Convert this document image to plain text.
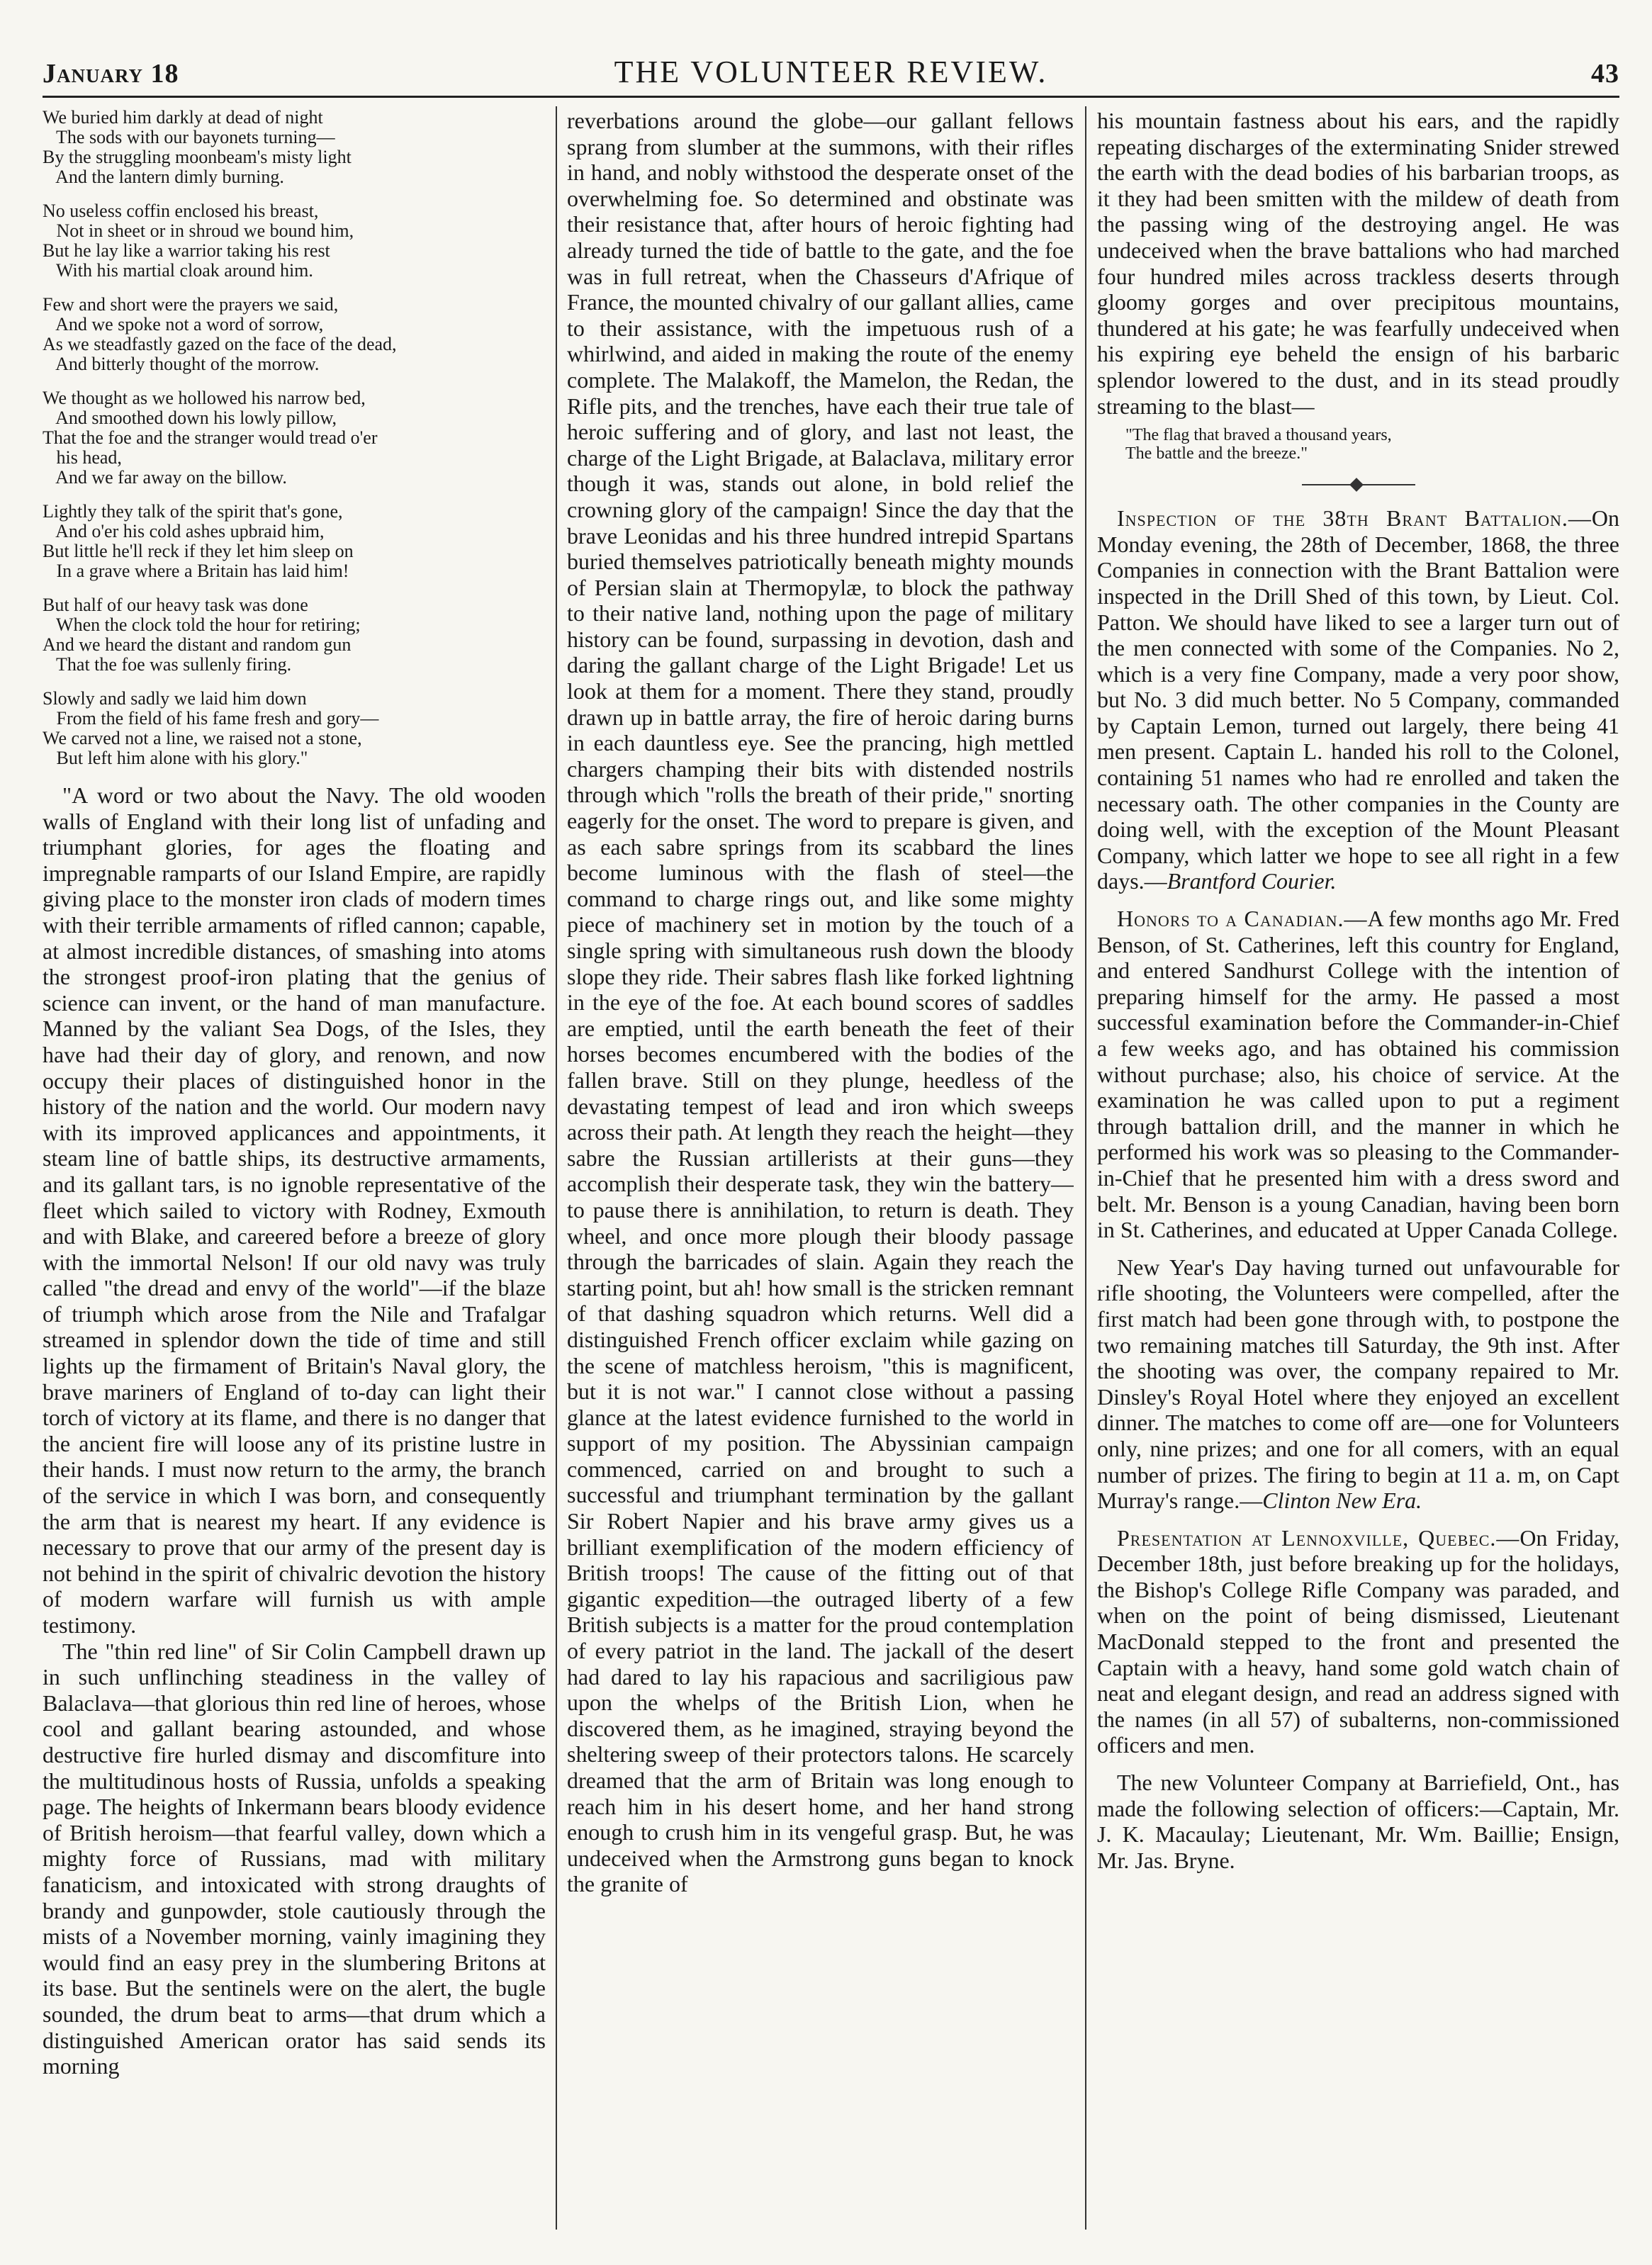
January 18	THE VOLUNTEER REVIEW.	43
We buried him darkly at dead of night
The sods with our bayonets turning—
By the struggling moonbeam's misty light
And the lantern dimly burning.
No useless coffin enclosed his breast,
Not in sheet or in shroud we bound him,
But he lay like a warrior taking his rest
With his martial cloak around him.
Few and short were the prayers we said,
And we spoke not a word of sorrow,
As we steadfastly gazed on the face of the dead,
And bitterly thought of the morrow.
We thought as we hollowed his narrow bed,
And smoothed down his lowly pillow,
That the foe and the stranger would tread o'er
his head,
And we far away on the billow.
Lightly they talk of the spirit that's gone,
And o'er his cold ashes upbraid him,
But little he'll reck if they let him sleep on
In a grave where a Britain has laid him!
But half of our heavy task was done
When the clock told the hour for retiring;
And we heard the distant and random gun
That the foe was sullenly firing.
Slowly and sadly we laid him down
From the field of his fame fresh and gory—
We carved not a line, we raised not a stone,
But left him alone with his glory."

"A word or two about the Navy. The old wooden walls of England with their long list of unfading and triumphant glories, for ages the floating and impregnable ramparts of our Island Empire, are rapidly giving place to the monster iron clads of modern times with their terrible armaments of rifled cannon; capable, at almost incredible distances, of smashing into atoms the strongest proof-iron plating that the genius of science can invent, or the hand of man manufacture. Manned by the valiant Sea Dogs, of the Isles, they have had their day of glory, and renown, and now occupy their places of distinguished honor in the history of the nation and the world. Our modern navy with its improved applicances and appointments, it steam line of battle ships, its destructive armaments, and its gallant tars, is no ignoble representative of the fleet which sailed to victory with Rodney, Exmouth and with Blake, and careered before a breeze of glory with the immortal Nelson! If our old navy was truly called "the dread and envy of the world"—if the blaze of triumph which arose from the Nile and Trafalgar streamed in splendor down the tide of time and still lights up the firmament of Britain's Naval glory, the brave mariners of England of to-day can light their torch of victory at its flame, and there is no danger that the ancient fire will loose any of its pristine lustre in their hands. I must now return to the army, the branch of the service in which I was born, and consequently the arm that is nearest my heart. If any evidence is necessary to prove that our army of the present day is not behind in the spirit of chivalric devotion the history of modern warfare will furnish us with ample testimony.

The "thin red line" of Sir Colin Campbell drawn up in such unflinching steadiness in the valley of Balaclava—that glorious thin red line of heroes, whose cool and gallant bearing astounded, and whose destructive fire hurled dismay and discomfiture into the multitudinous hosts of Russia, unfolds a speaking page. The heights of Inkermann bears bloody evidence of British heroism—that fearful valley, down which a mighty force of Russians, mad with military fanaticism, and intoxicated with strong draughts of brandy and gunpowder, stole cautiously through the mists of a November morning, vainly imagining they would find an easy prey in the slumbering Britons at its base. But the sentinels were on the alert, the bugle sounded, the drum beat to arms—that drum which a distinguished American orator has said sends its morning

reverbations around the globe—our gallant fellows sprang from slumber at the summons, with their rifles in hand, and nobly withstood the desperate onset of the overwhelming foe. So determined and obstinate was their resistance that, after hours of heroic fighting had already turned the tide of battle to the gate, and the foe was in full retreat, when the Chasseurs d'Afrique of France, the mounted chivalry of our gallant allies, came to their assistance, with the impetuous rush of a whirlwind, and aided in making the route of the enemy complete. The Malakoff, the Mamelon, the Redan, the Rifle pits, and the trenches, have each their true tale of heroic suffering and of glory, and last not least, the charge of the Light Brigade, at Balaclava, military error though it was, stands out alone, in bold relief the crowning glory of the campaign! Since the day that the brave Leonidas and his three hundred intrepid Spartans buried themselves patriotically beneath mighty mounds of Persian slain at Thermopylæ, to block the pathway to their native land, nothing upon the page of military history can be found, surpassing in devotion, dash and daring the gallant charge of the Light Brigade! Let us look at them for a moment. There they stand, proudly drawn up in battle array, the fire of heroic daring burns in each dauntless eye. See the prancing, high mettled chargers champing their bits with distended nostrils through which "rolls the breath of their pride," snorting eagerly for the onset. The word to prepare is given, and as each sabre springs from its scabbard the lines become luminous with the flash of steel—the command to charge rings out, and like some mighty piece of machinery set in motion by the touch of a single spring with simultaneous rush down the bloody slope they ride. Their sabres flash like forked lightning in the eye of the foe. At each bound scores of saddles are emptied, until the earth beneath the feet of their horses becomes encumbered with the bodies of the fallen brave. Still on they plunge, heedless of the devastating tempest of lead and iron which sweeps across their path. At length they reach the height—they sabre the Russian artillerists at their guns—they accomplish their desperate task, they win the battery—to pause there is annihilation, to return is death. They wheel, and once more plough their bloody passage through the barricades of slain. Again they reach the starting point, but ah! how small is the stricken remnant of that dashing squadron which returns. Well did a distinguished French officer exclaim while gazing on the scene of matchless heroism, "this is magnificent, but it is not war." I cannot close without a passing glance at the latest evidence furnished to the world in support of my position. The Abyssinian campaign commenced, carried on and brought to such a successful and triumphant termination by the gallant Sir Robert Napier and his brave army gives us a brilliant exemplification of the modern efficiency of British troops! The cause of the fitting out of that gigantic expedition—the outraged liberty of a few British subjects is a matter for the proud contemplation of every patriot in the land. The jackall of the desert had dared to lay his rapacious and sacriligious paw upon the whelps of the British Lion, when he discovered them, as he imagined, straying beyond the sheltering sweep of their protectors talons. He scarcely dreamed that the arm of Britain was long enough to reach him in his desert home, and her hand strong enough to crush him in its vengeful grasp. But, he was undeceived when the Armstrong guns began to knock the granite of

his mountain fastness about his ears, and the rapidly repeating discharges of the exterminating Snider strewed the earth with the dead bodies of his barbarian troops, as it they had been smitten with the mildew of death from the passing wing of the destroying angel. He was undeceived when the brave battalions who had marched four hundred miles across trackless deserts through gloomy gorges and over precipitous mountains, thundered at his gate; he was fearfully undeceived when his expiring eye beheld the ensign of his barbaric splendor lowered to the dust, and in its stead proudly streaming to the blast—

"The flag that braved a thousand years,
The battle and the breeze."

Inspection of the 38th Brant Battalion.—On Monday evening, the 28th of December, 1868, the three Companies in connection with the Brant Battalion were inspected in the Drill Shed of this town, by Lieut. Col. Patton. We should have liked to see a larger turn out of the men connected with some of the Companies. No 2, which is a very fine Company, made a very poor show, but No. 3 did much better. No 5 Company, commanded by Captain Lemon, turned out largely, there being 41 men present. Captain L. handed his roll to the Colonel, containing 51 names who had re enrolled and taken the necessary oath. The other companies in the County are doing well, with the exception of the Mount Pleasant Company, which latter we hope to see all right in a few days.—Brantford Courier.

Honors to a Canadian.—A few months ago Mr. Fred Benson, of St. Catherines, left this country for England, and entered Sandhurst College with the intention of preparing himself for the army. He passed a most successful examination before the Commander-in-Chief a few weeks ago, and has obtained his commission without purchase; also, his choice of service. At the examination he was called upon to put a regiment through battalion drill, and the manner in which he performed his work was so pleasing to the Commander-in-Chief that he presented him with a dress sword and belt. Mr. Benson is a young Canadian, having been born in St. Catherines, and educated at Upper Canada College.

New Year's Day having turned out unfavourable for rifle shooting, the Volunteers were compelled, after the first match had been gone through with, to postpone the two remaining matches till Saturday, the 9th inst. After the shooting was over, the company repaired to Mr. Dinsley's Royal Hotel where they enjoyed an excellent dinner. The matches to come off are—one for Volunteers only, nine prizes; and one for all comers, with an equal number of prizes. The firing to begin at 11 a. m, on Capt Murray's range.—Clinton New Era.

Presentation at Lennoxville, Quebec.—On Friday, December 18th, just before breaking up for the holidays, the Bishop's College Rifle Company was paraded, and when on the point of being dismissed, Lieutenant MacDonald stepped to the front and presented the Captain with a heavy, hand some gold watch chain of neat and elegant design, and read an address signed with the names (in all 57) of subalterns, non-commissioned officers and men.

The new Volunteer Company at Barriefield, Ont., has made the following selection of officers:—Captain, Mr. J. K. Macaulay; Lieutenant, Mr. Wm. Baillie; Ensign, Mr. Jas. Bryne.
